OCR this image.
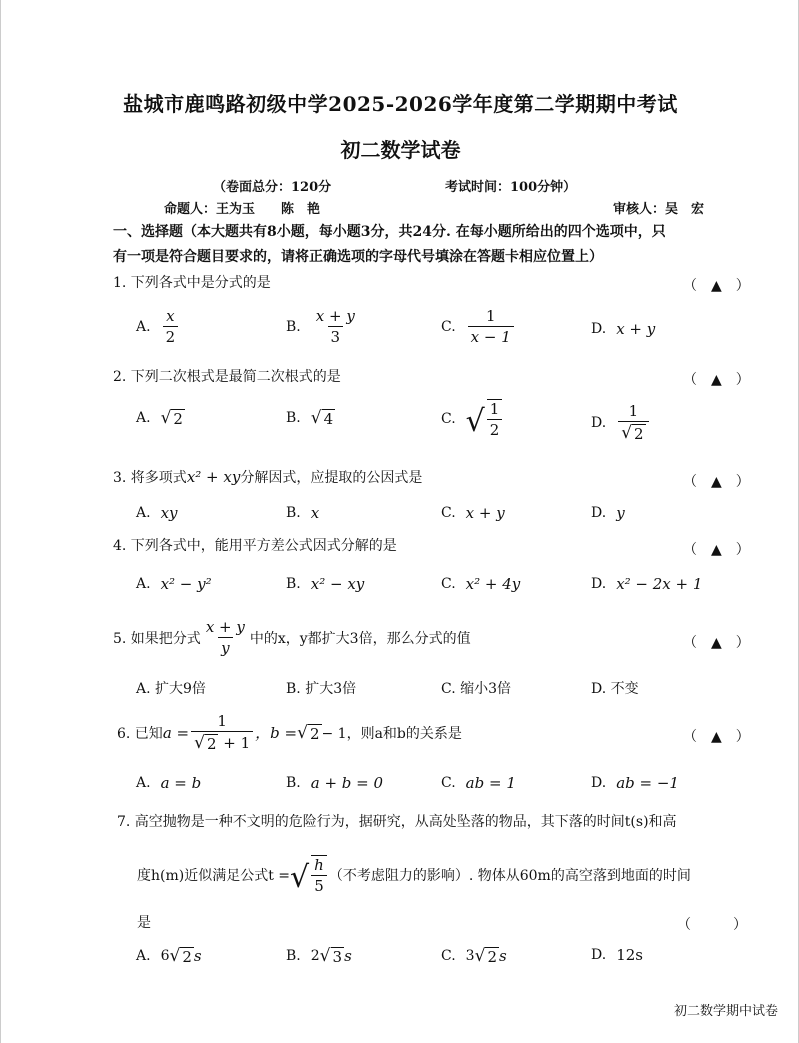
盐城市鹿鸣路初级中学2025-2026学年度第二学期期中考试
初二数学试卷
（卷面总分：120分	考试时间：100分钟）
命题人：王为玉　　陈　艳	审核人：吴　宏
一、选择题（本大题共有8小题，每小题3分，共24分. 在每小题所给出的四个选项中，只
有一项是符合题目要求的，请将正确选项的字母代号填涂在答题卡相应位置上）
1. 下列各式中是分式的是	（　▲　）
A. $\frac{x}{2}$	B. $\frac{x + y}{3}$	C. $\frac{1}{x - 1}$	D. x + y
2. 下列二次根式是最简二次根式的是	（　▲　）
A. √ 2	B. √ 4	C. √ $\frac{1}{2}$	D. $\frac{1}{√ 2}$
3. 将多项式x² + xy分解因式，应提取的公因式是	（　▲　）
A. xy	B. x	C. x + y	D. y
4. 下列各式中，能用平方差公式因式分解的是	（　▲　）
A. x² − y²	B. x² − xy	C. x² + 4y	D. x² − 2x + 1
5. 如果把分式 $\frac{x + y}{y}$ 中的x，y都扩大3倍，那么分式的值	（　▲　）
A. 扩大9倍	B. 扩大3倍	C. 缩小3倍	D. 不变
6. 已知 $a = \frac{1}{√ 2 + 1}$ ，b = √ 2 − 1，则a和b的关系是	（　▲　）
A. a = b	B. a + b = 0	C. ab = 1	D. ab = −1
7. 高空抛物是一种不文明的危险行为，据研究，从高处坠落的物品，其下落的时间t(s)和高
度h(m)近似满足公式t = √ $\frac{h}{5}$ （不考虑阻力的影响）. 物体从60m的高空落到地面的时间
是	（　　　）
A. 6 √ 2 s	B. 2 √ 3 s	C. 3 √ 2 s	D. 12s
初二数学期中试卷
